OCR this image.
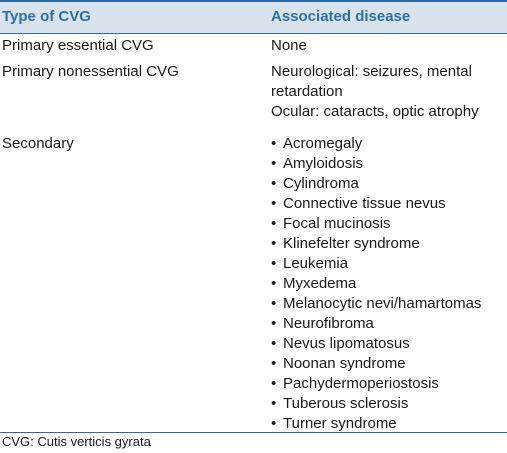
Type of CVG	Associated disease
Primary essential CVG	None
Primary nonessential CVG	Neurological: seizures, mental retardation
Ocular: cataracts, optic atrophy
Secondary	• Acromegaly
• Amyloidosis
• Cylindroma
• Connective tissue nevus
• Focal mucinosis
• Klinefelter syndrome
• Leukemia
• Myxedema
• Melanocytic nevi/hamartomas
• Neurofibroma
• Nevus lipomatosus
• Noonan syndrome
• Pachydermoperiostosis
• Tuberous sclerosis
• Turner syndrome
CVG: Cutis verticis gyrata
